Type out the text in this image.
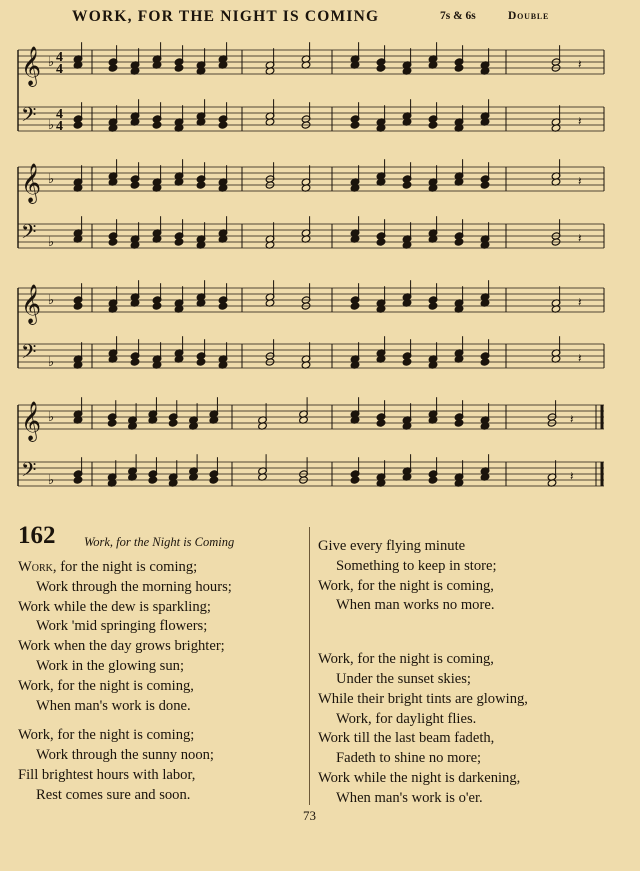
WORK, FOR THE NIGHT IS COMING	7s & 6s	Double
𝄞 ♭ 4
4	𝄽
𝄢 ♭
4
4	𝄽
𝄞 ♭	𝄽
𝄢 ♭	𝄽
𝄞 ♭	𝄽
𝄢 ♭	𝄽
𝄞 ♭	𝄽
𝄢 ♭	𝄽
162 Work, for the Night is Coming
Work, for the night is coming;
Work through the morning hours;
Work while the dew is sparkling;
Work 'mid springing flowers;
Work when the day grows brighter;
Work in the glowing sun;
Work, for the night is coming,
When man's work is done.
Work, for the night is coming;
Work through the sunny noon;
Fill brightest hours with labor,
Rest comes sure and soon.
Give every flying minute
Something to keep in store;
Work, for the night is coming,
When man works no more.
Work, for the night is coming,
Under the sunset skies;
While their bright tints are glowing,
Work, for daylight flies.
Work till the last beam fadeth,
Fadeth to shine no more;
Work while the night is darkening,
When man's work is o'er.
73
